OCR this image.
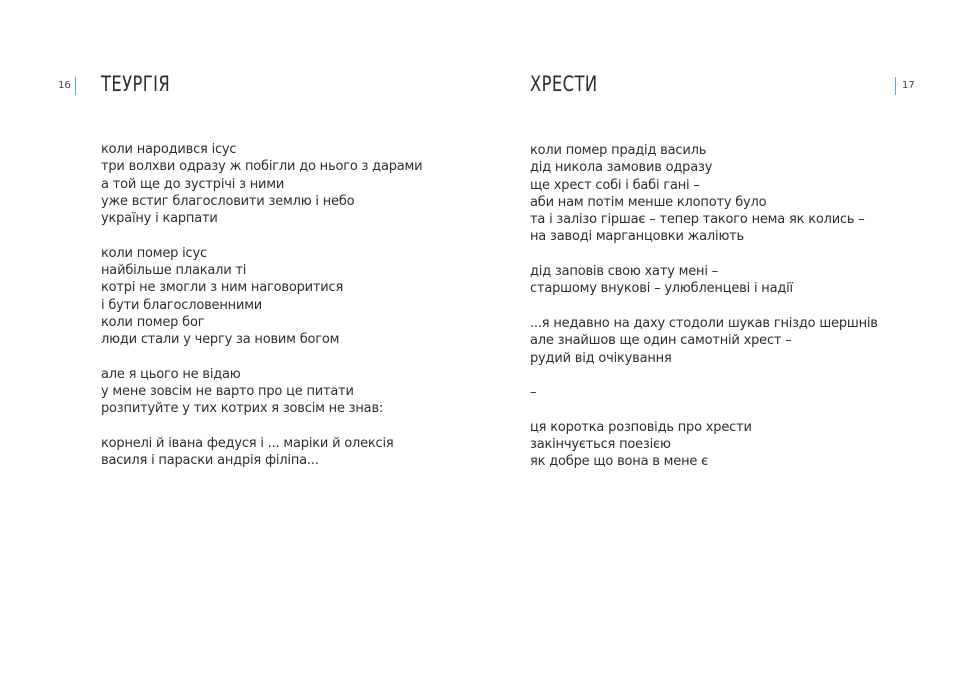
16 ТЕУРГІЯ

коли народився ісус
три волхви одразу ж побігли до нього з дарами
а той ще до зустрічі з ними
уже встиг благословити землю і небо
україну і карпати

коли помер ісус
найбільше плакали ті
котрі не змогли з ним наговоритися
і бути благословенними
коли помер бог
люди стали у чергу за новим богом

але я цього не відаю
у мене зовсім не варто про це питати
розпитуйте у тих котрих я зовсім не знав:

корнелі й івана федуся і ... маріки й олексія
василя і параски андрія філіпа...

ХРЕСТИ	17

коли помер прадід василь
дід никола замовив одразу
ще хрест собі і бабі гані –
аби нам потім менше клопоту було
та і залізо гіршає – тепер такого нема як колись –
на заводі марганцовки жаліють

дід заповів свою хату мені –
старшому внукові – улюбленцеві і надії

...я недавно на даху стодоли шукав гніздо шершнів
але знайшов ще один самотній хрест –
рудий від очікування

–

ця коротка розповідь про хрести
закінчується поезією
як добре що вона в мене є
